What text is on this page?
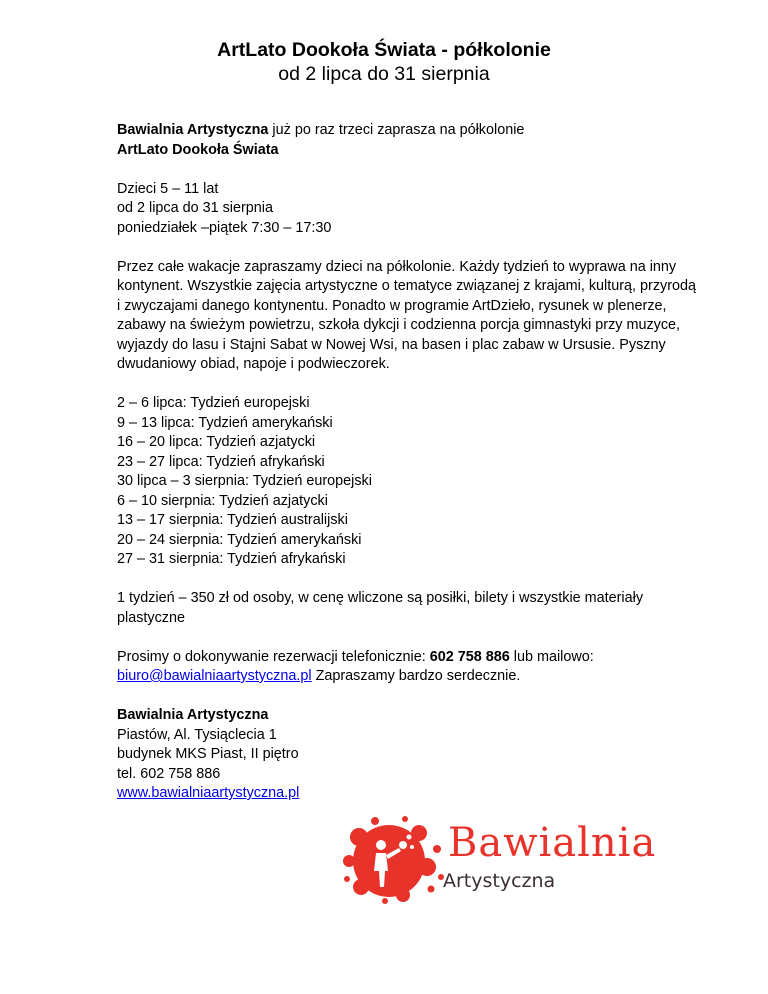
ArtLato Dookoła Świata - półkolonie
od 2 lipca do 31 sierpnia
Bawialnia Artystyczna już po raz trzeci zaprasza na półkolonie
ArtLato Dookoła Świata
Dzieci 5 – 11 lat
od 2 lipca do 31 sierpnia
poniedziałek –piątek 7:30 – 17:30
Przez całe wakacje zapraszamy dzieci na półkolonie. Każdy tydzień to wyprawa na inny kontynent. Wszystkie zajęcia artystyczne o tematyce związanej z krajami, kulturą, przyrodą i zwyczajami danego kontynentu. Ponadto w programie ArtDzieło, rysunek w plenerze, zabawy na świeżym powietrzu, szkoła dykcji i codzienna porcja gimnastyki przy muzyce, wyjazdy do lasu i Stajni Sabat w Nowej Wsi, na basen i plac zabaw w Ursusie. Pyszny dwudaniowy obiad, napoje i podwieczorek.
2 – 6 lipca: Tydzień europejski
9 – 13 lipca: Tydzień amerykański
16 – 20 lipca: Tydzień azjatycki
23 – 27 lipca: Tydzień afrykański
30 lipca – 3 sierpnia: Tydzień europejski
6 – 10 sierpnia: Tydzień azjatycki
13 – 17 sierpnia: Tydzień australijski
20 – 24 sierpnia: Tydzień amerykański
27 – 31 sierpnia: Tydzień afrykański
1 tydzień – 350 zł od osoby, w cenę wliczone są posiłki, bilety i wszystkie materiały plastyczne
Prosimy o dokonywanie rezerwacji telefonicznie: 602 758 886 lub mailowo:
biuro@bawialniaartystyczna.pl Zapraszamy bardzo serdecznie.
Bawialnia Artystyczna
Piastów, Al. Tysiąclecia 1
budynek MKS Piast, II piętro
tel. 602 758 886
www.bawialniaartystyczna.pl
Bawialnia
Artystyczna
